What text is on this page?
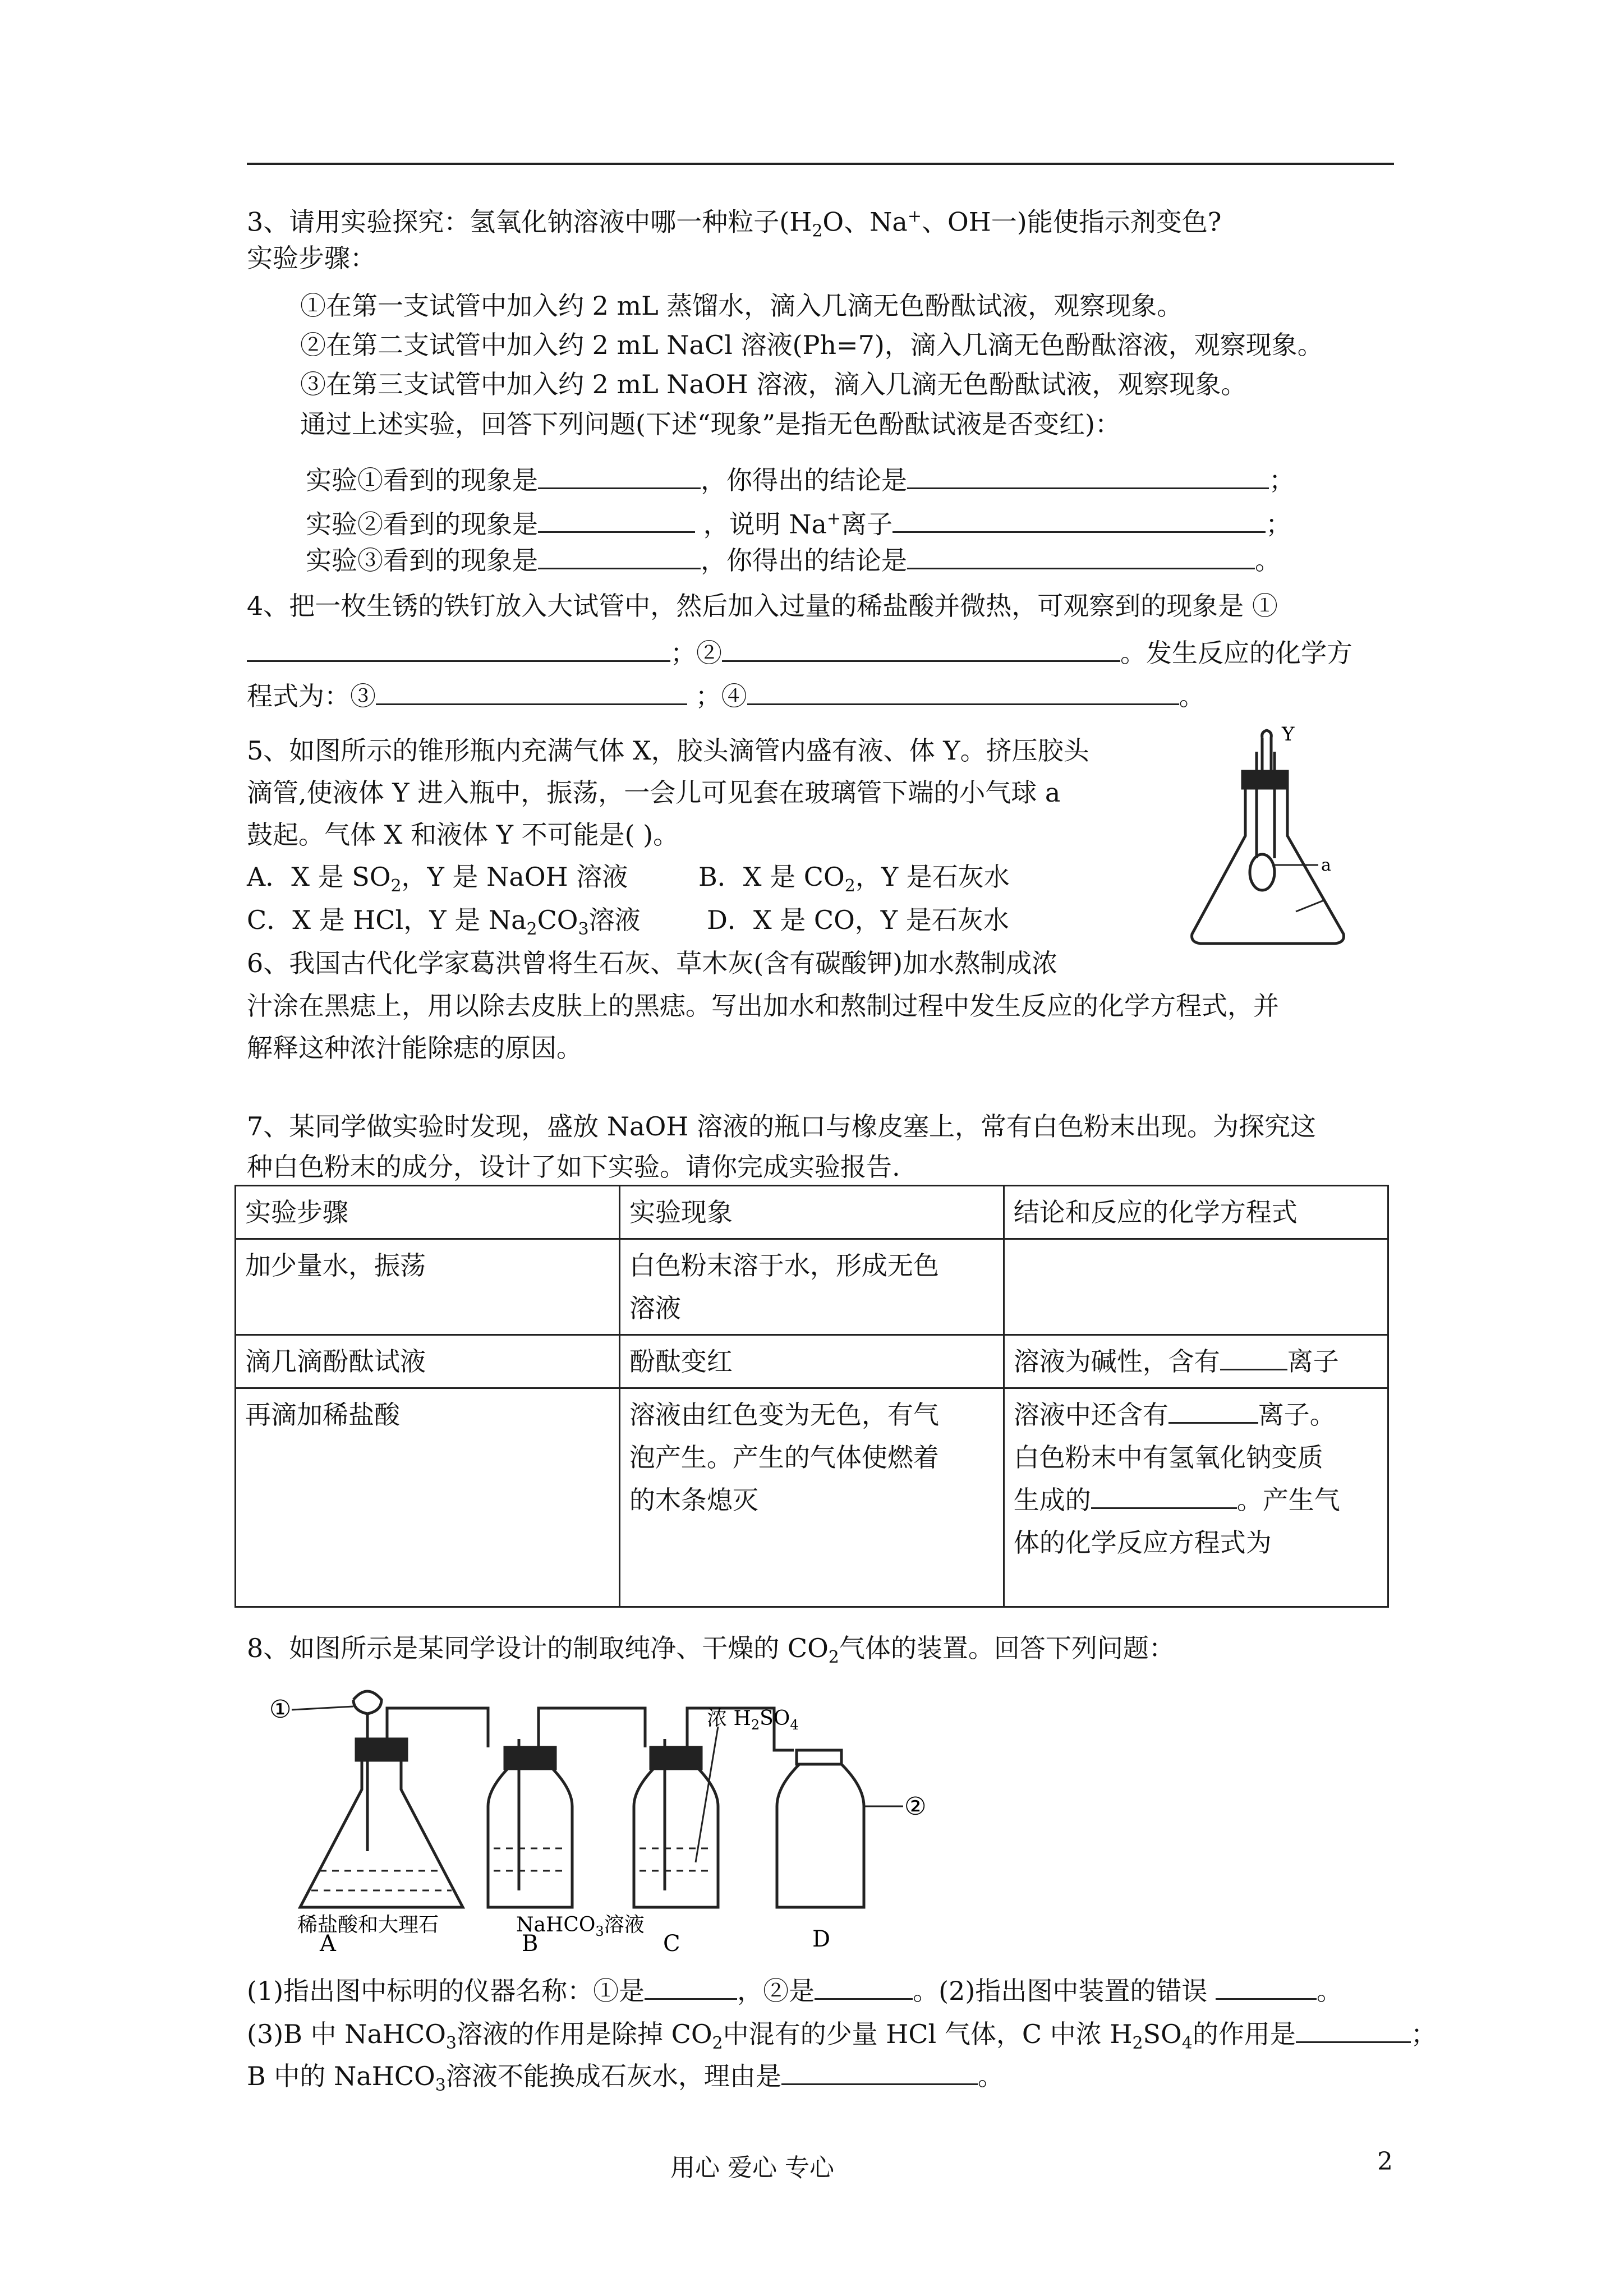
3、请用实验探究：氢氧化钠溶液中哪一种粒子($H_2O$、Na+、OH一)能使指示剂变色?
实验步骤：
①在第一支试管中加入约 2 mL 蒸馏水，滴入几滴无色酚酞试液，观察现象。
②在第二支试管中加入约 2 mL NaCl 溶液(Ph=7)，滴入几滴无色酚酞溶液，观察现象。
③在第三支试管中加入约 2 mL NaOH 溶液，滴入几滴无色酚酞试液，观察现象。
通过上述实验，回答下列问题(下述“现象”是指无色酚酞试液是否变红)：
实验①看到的现象是	，你得出的结论是	；
实验②看到的现象是	，说明 Na+离子	；
实验③看到的现象是	，你得出的结论是	。
4、把一枚生锈的铁钉放入大试管中，然后加入过量的稀盐酸并微热，可观察到的现象是 ①
；②	。发生反应的化学方
程式为：③	；④	。
5、如图所示的锥形瓶内充满气体 X，胶头滴管内盛有液、体 Y。挤压胶头
滴管,使液体 Y 进入瓶中，振荡，一会儿可见套在玻璃管下端的小气球 a
鼓起。气体 X 和液体 Y 不可能是( )。
A．X 是 $SO_2$，Y 是 NaOH 溶液	B．X 是 $CO_2$，Y 是石灰水
C．X 是 HCl，Y 是 $Na_2CO_3$溶液	D．X 是 CO，Y 是石灰水
Y
a
6、我国古代化学家葛洪曾将生石灰、草木灰(含有碳酸钾)加水熬制成浓
汁涂在黑痣上，用以除去皮肤上的黑痣。写出加水和熬制过程中发生反应的化学方程式，并
解释这种浓汁能除痣的原因。
7、某同学做实验时发现，盛放 NaOH 溶液的瓶口与橡皮塞上，常有白色粉末出现。为探究这
种白色粉末的成分，设计了如下实验。请你完成实验报告.
实验步骤	实验现象	结论和反应的化学方程式
加少量水，振荡	白色粉末溶于水，形成无色
溶液	
滴几滴酚酞试液	酚酞变红	溶液为碱性，含有 离子
再滴加稀盐酸	溶液由红色变为无色，有气
泡产生。产生的气体使燃着
的木条熄灭	溶液中还含有 离子。
白色粉末中有氢氧化钠变质
生成的 。产生气
体的化学反应方程式为
8、如图所示是某同学设计的制取纯净、干燥的 $CO_2$气体的装置。回答下列问题：
①
②
浓 $H_2SO_4$
稀盐酸和大理石	NaHCO$_3$溶液
A	B	C	D
(1)指出图中标明的仪器名称：①是	，②是	。(2)指出图中装置的错误	。
(3)B 中 NaHCO$_3$溶液的作用是除掉 $CO_2$中混有的少量 HCl 气体，C 中浓 $H_2SO_4$的作用是	；
B 中的 NaHCO$_3$溶液不能换成石灰水，理由是	。
用心 爱心 专心	2
